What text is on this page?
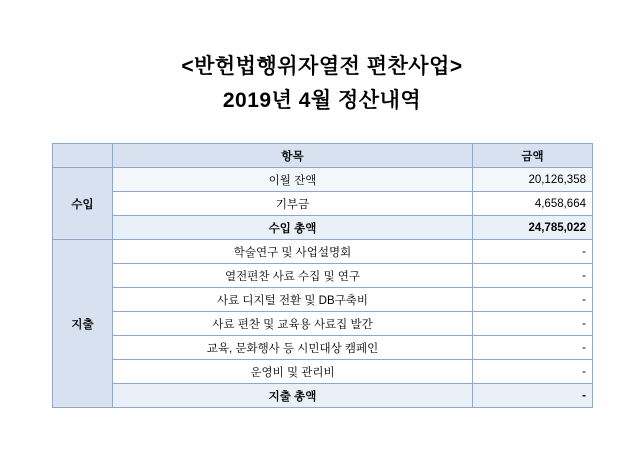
<반헌법행위자열전 편찬사업>
2019년 4월 정산내역
	항목	금액
수입	이월 잔액	20,126,358
	기부금	4,658,664
	수입 총액	24,785,022
지출	학술연구 및 사업설명회	-
	열전편찬 사료 수집 및 연구	-
	사료 디지털 전환 및 DB구축비	-
	사료 편찬 및 교육용 사료집 발간	-
	교육, 문화행사 등 시민대상 캠페인	-
	운영비 및 관리비	-
	지출 총액	-
